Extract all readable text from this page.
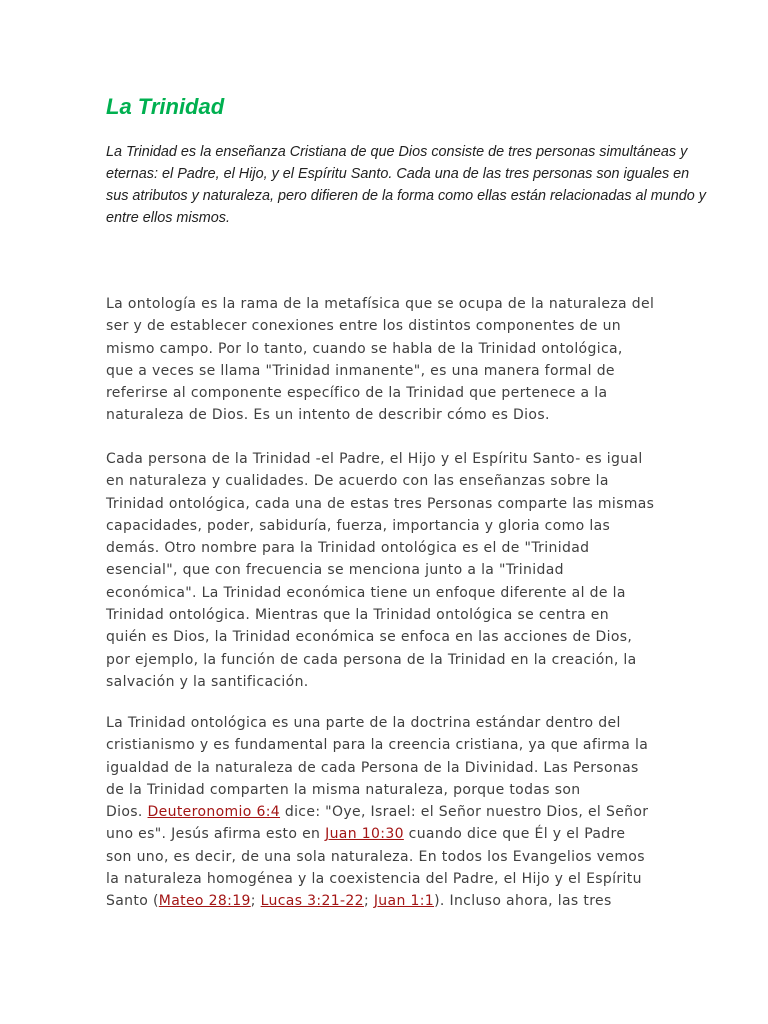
La Trinidad

La Trinidad es la enseñanza Cristiana de que Dios consiste de tres personas simultáneas y eternas: el Padre, el Hijo, y el Espíritu Santo. Cada una de las tres personas son iguales en sus atributos y naturaleza, pero difieren de la forma como ellas están relacionadas al mundo y entre ellos mismos.

La ontología es la rama de la metafísica que se ocupa de la naturaleza del
ser y de establecer conexiones entre los distintos componentes de un
mismo campo. Por lo tanto, cuando se habla de la Trinidad ontológica,
que a veces se llama "Trinidad inmanente", es una manera formal de
referirse al componente específico de la Trinidad que pertenece a la
naturaleza de Dios. Es un intento de describir cómo es Dios.
Cada persona de la Trinidad -el Padre, el Hijo y el Espíritu Santo- es igual
en naturaleza y cualidades. De acuerdo con las enseñanzas sobre la
Trinidad ontológica, cada una de estas tres Personas comparte las mismas
capacidades, poder, sabiduría, fuerza, importancia y gloria como las
demás. Otro nombre para la Trinidad ontológica es el de "Trinidad
esencial", que con frecuencia se menciona junto a la "Trinidad
económica". La Trinidad económica tiene un enfoque diferente al de la
Trinidad ontológica. Mientras que la Trinidad ontológica se centra en
quién es Dios, la Trinidad económica se enfoca en las acciones de Dios,
por ejemplo, la función de cada persona de la Trinidad en la creación, la
salvación y la santificación.
La Trinidad ontológica es una parte de la doctrina estándar dentro del
cristianismo y es fundamental para la creencia cristiana, ya que afirma la
igualdad de la naturaleza de cada Persona de la Divinidad. Las Personas
de la Trinidad comparten la misma naturaleza, porque todas son
Dios. Deuteronomio 6:4 dice: "Oye, Israel: el Señor nuestro Dios, el Señor
uno es". Jesús afirma esto en Juan 10:30 cuando dice que Él y el Padre
son uno, es decir, de una sola naturaleza. En todos los Evangelios vemos
la naturaleza homogénea y la coexistencia del Padre, el Hijo y el Espíritu
Santo (Mateo 28:19; Lucas 3:21-22; Juan 1:1). Incluso ahora, las tres
